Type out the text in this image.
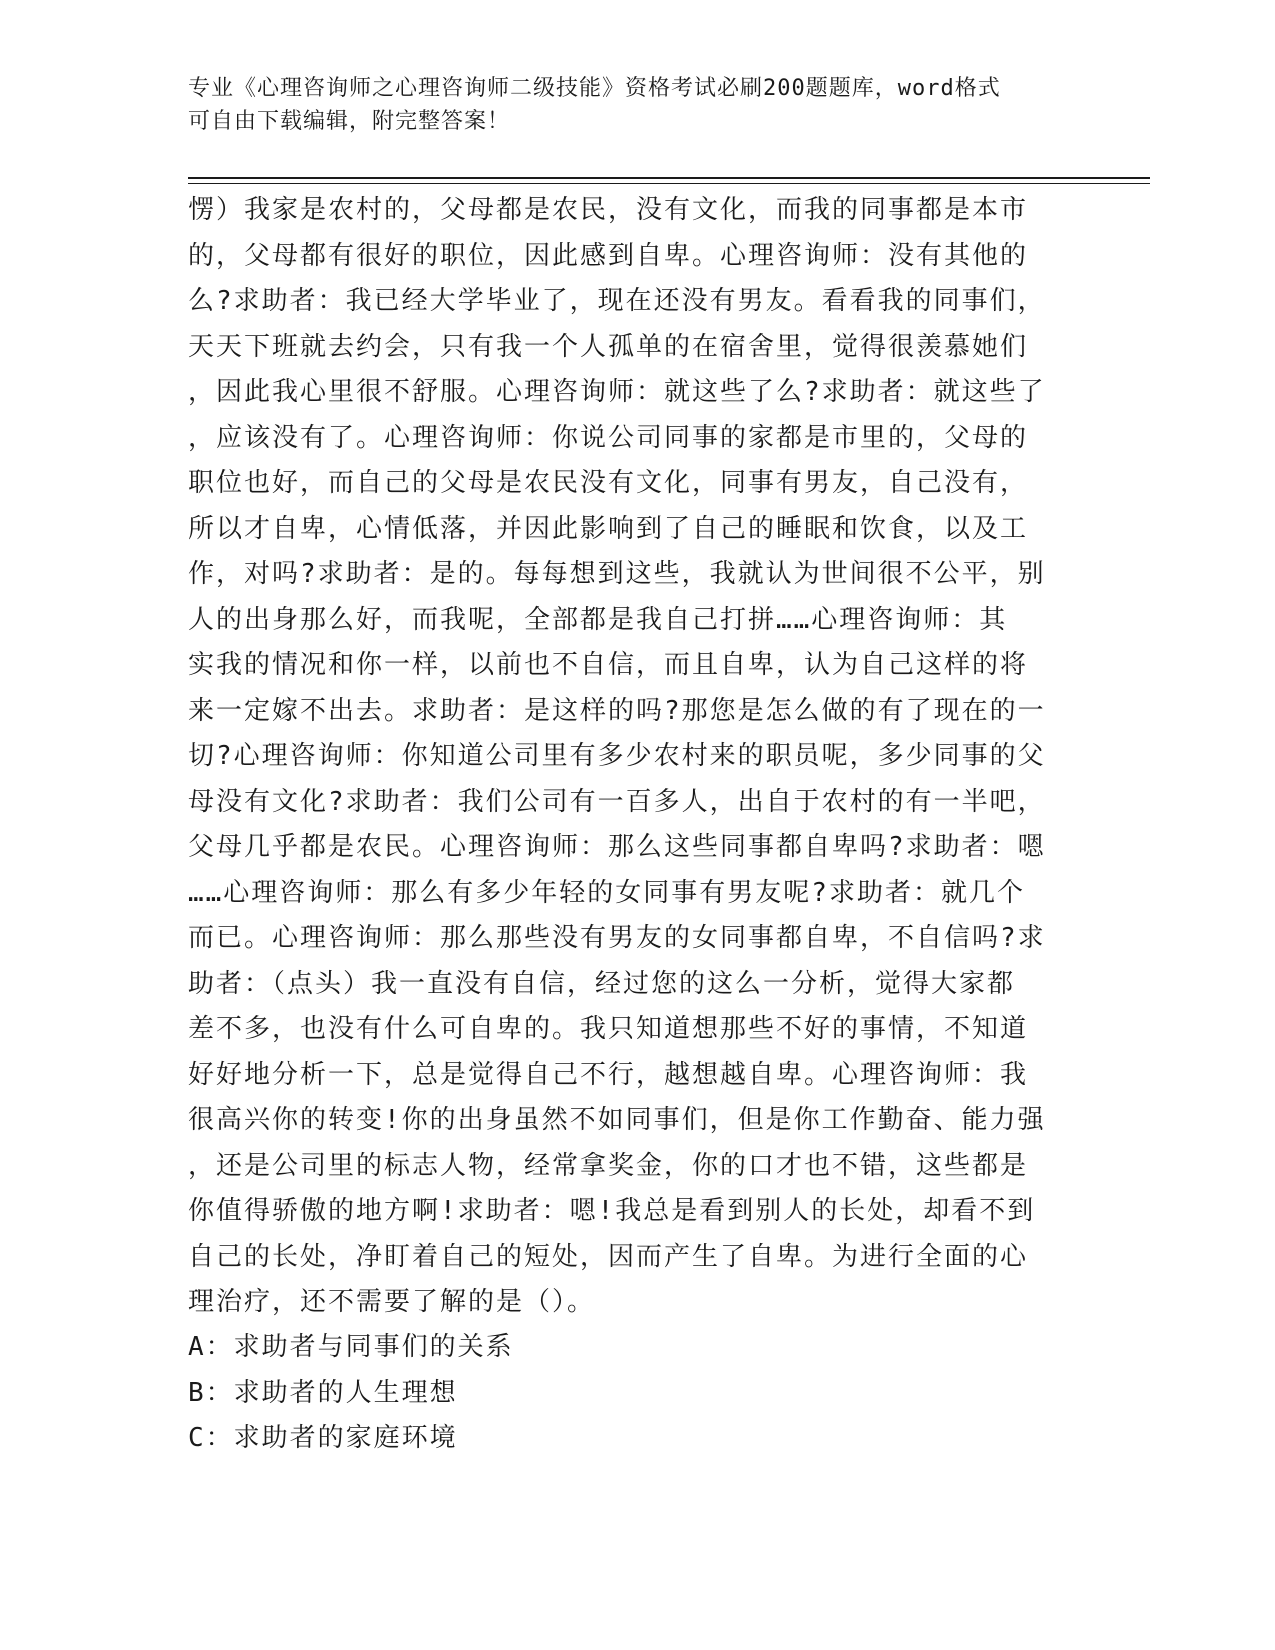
专业《心理咨询师之心理咨询师二级技能》资格考试必刷200题题库，word格式
可自由下载编辑，附完整答案！
愣）我家是农村的，父母都是农民，没有文化，而我的同事都是本市
的，父母都有很好的职位，因此感到自卑。心理咨询师：没有其他的
么?求助者：我已经大学毕业了，现在还没有男友。看看我的同事们，
天天下班就去约会，只有我一个人孤单的在宿舍里，觉得很羡慕她们
，因此我心里很不舒服。心理咨询师：就这些了么?求助者：就这些了
，应该没有了。心理咨询师：你说公司同事的家都是市里的，父母的
职位也好，而自己的父母是农民没有文化，同事有男友，自己没有，
所以才自卑，心情低落，并因此影响到了自己的睡眠和饮食，以及工
作，对吗?求助者：是的。每每想到这些，我就认为世间很不公平，别
人的出身那么好，而我呢，全部都是我自己打拼……心理咨询师：其
实我的情况和你一样，以前也不自信，而且自卑，认为自己这样的将
来一定嫁不出去。求助者：是这样的吗?那您是怎么做的有了现在的一
切?心理咨询师：你知道公司里有多少农村来的职员呢，多少同事的父
母没有文化?求助者：我们公司有一百多人，出自于农村的有一半吧，
父母几乎都是农民。心理咨询师：那么这些同事都自卑吗?求助者：嗯
……心理咨询师：那么有多少年轻的女同事有男友呢?求助者：就几个
而已。心理咨询师：那么那些没有男友的女同事都自卑，不自信吗?求
助者：（点头）我一直没有自信，经过您的这么一分析，觉得大家都
差不多，也没有什么可自卑的。我只知道想那些不好的事情，不知道
好好地分析一下，总是觉得自己不行，越想越自卑。心理咨询师：我
很高兴你的转变!你的出身虽然不如同事们，但是你工作勤奋、能力强
，还是公司里的标志人物，经常拿奖金，你的口才也不错，这些都是
你值得骄傲的地方啊!求助者：嗯!我总是看到别人的长处，却看不到
自己的长处，净盯着自己的短处，因而产生了自卑。为进行全面的心
理治疗，还不需要了解的是（）。
A：求助者与同事们的关系
B：求助者的人生理想
C：求助者的家庭环境
